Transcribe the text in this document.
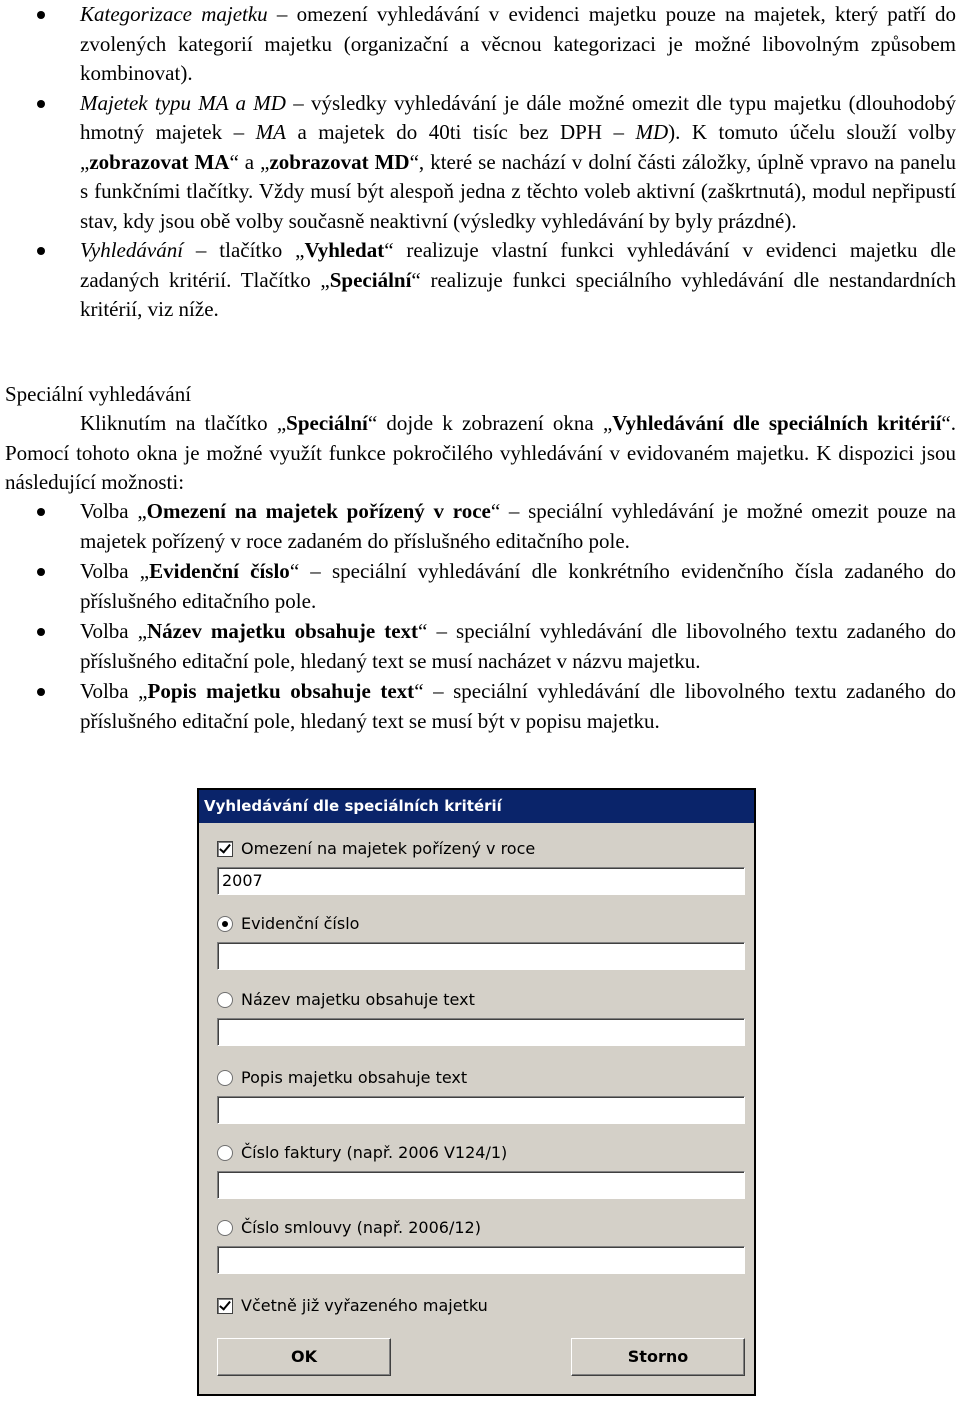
Kategorizace majetku – omezení vyhledávání v evidenci majetku pouze na majetek, který patří do zvolených kategorií majetku (organizační a věcnou kategorizaci je možné libovolným způsobem kombinovat).
Majetek typu MA a MD – výsledky vyhledávání je dále možné omezit dle typu majetku (dlouhodobý hmotný majetek – MA a majetek do 40ti tisíc bez DPH – MD). K tomuto účelu slouží volby „zobrazovat MA“ a „zobrazovat MD“, které se nachází v dolní části záložky, úplně vpravo na panelu s funkčními tlačítky. Vždy musí být alespoň jedna z těchto voleb aktivní (zaškrtnutá), modul nepřipustí stav, kdy jsou obě volby současně neaktivní (výsledky vyhledávání by byly prázdné).
Vyhledávání – tlačítko „Vyhledat“ realizuje vlastní funkci vyhledávání v evidenci majetku dle zadaných kritérií. Tlačítko „Speciální“ realizuje funkci speciálního vyhledávání dle nestandardních kritérií, viz níže.
Speciální vyhledávání

Kliknutím na tlačítko „Speciální“ dojde k zobrazení okna „Vyhledávání dle speciálních kritérií“. Pomocí tohoto okna je možné využít funkce pokročilého vyhledávání v evidovaném majetku. K dispozici jsou následující možnosti:

Volba „Omezení na majetek pořízený v roce“ – speciální vyhledávání je možné omezit pouze na majetek pořízený v roce zadaném do příslušného editačního pole.
Volba „Evidenční číslo“ – speciální vyhledávání dle konkrétního evidenčního čísla zadaného do příslušného editačního pole.
Volba „Název majetku obsahuje text“ – speciální vyhledávání dle libovolného textu zadaného do příslušného editační pole, hledaný text se musí nacházet v názvu majetku.
Volba „Popis majetku obsahuje text“ – speciální vyhledávání dle libovolného textu zadaného do příslušného editační pole, hledaný text se musí být v popisu majetku.
Vyhledávání dle speciálních kritérií
Omezení na majetek pořízený v roce
2007
Evidenční číslo
Název majetku obsahuje text
Popis majetku obsahuje text
Číslo faktury (např. 2006 V124/1)
Číslo smlouvy (např. 2006/12)
Včetně již vyřazeného majetku
OK	Storno
